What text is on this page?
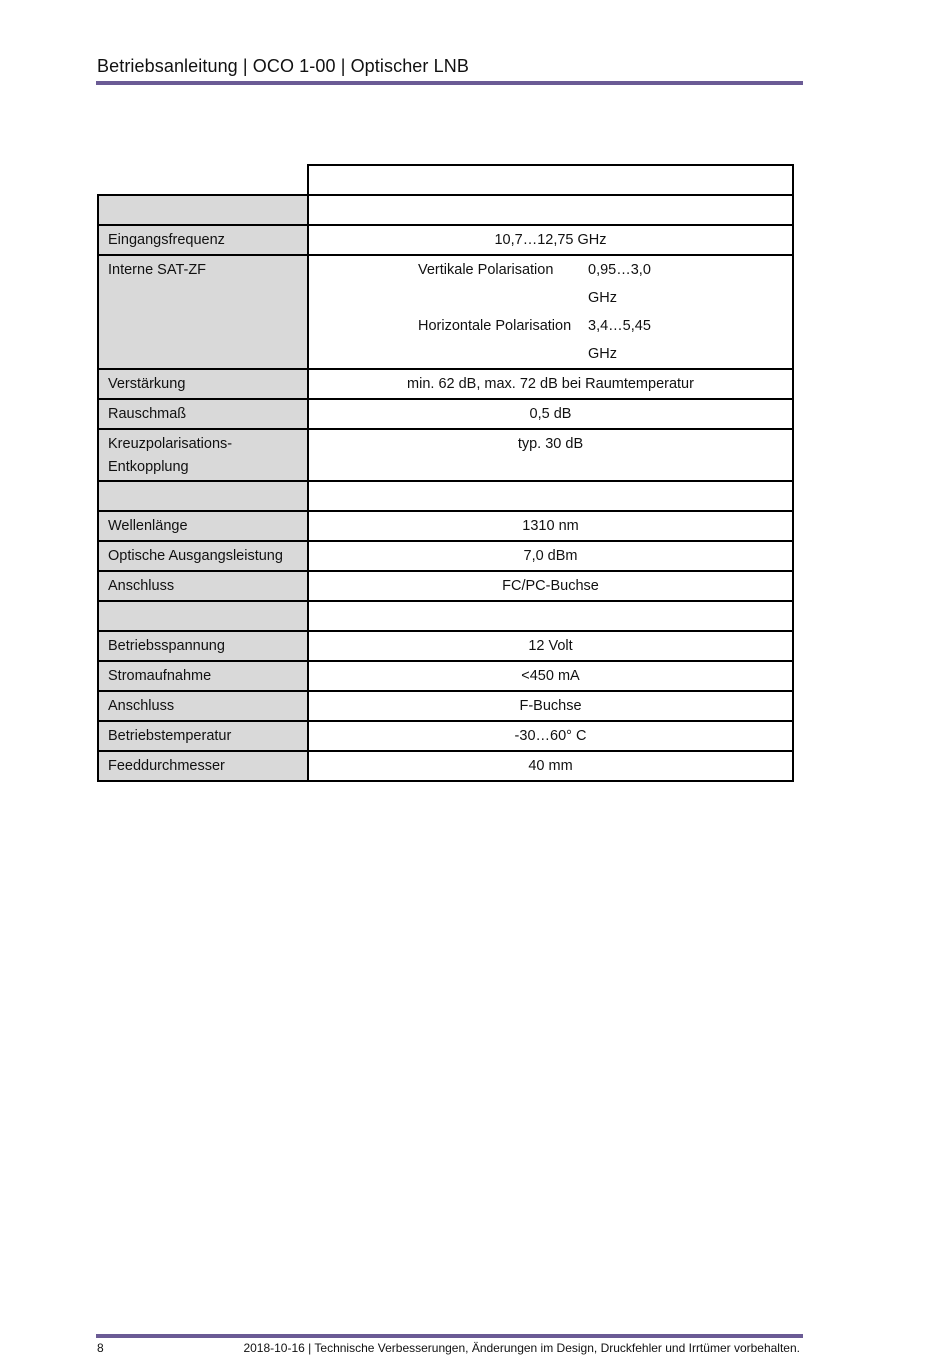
Betriebsanleitung | OCO 1-00 | Optischer LNB

Eingangsfrequenz	10,7…12,75 GHz

Interne SAT-ZF	Vertikale Polarisation 0,95…3,0 GHz
Horizontale Polarisation 3,4…5,45 GHz

Verstärkung	min. 62 dB, max. 72 dB bei Raumtemperatur

Rauschmaß	0,5 dB

Kreuzpolarisations-
Entkopplung	typ. 30 dB

Wellenlänge	1310 nm

Optische Ausgangsleistung	7,0 dBm

Anschluss	FC/PC-Buchse

Betriebsspannung	12 Volt

Stromaufnahme	<450 mA

Anschluss	F-Buchse

Betriebstemperatur	-30…60° C

Feeddurchmesser	40 mm
8	2018-10-16 | Technische Verbesserungen, Änderungen im Design, Druckfehler und Irrtümer vorbehalten.
